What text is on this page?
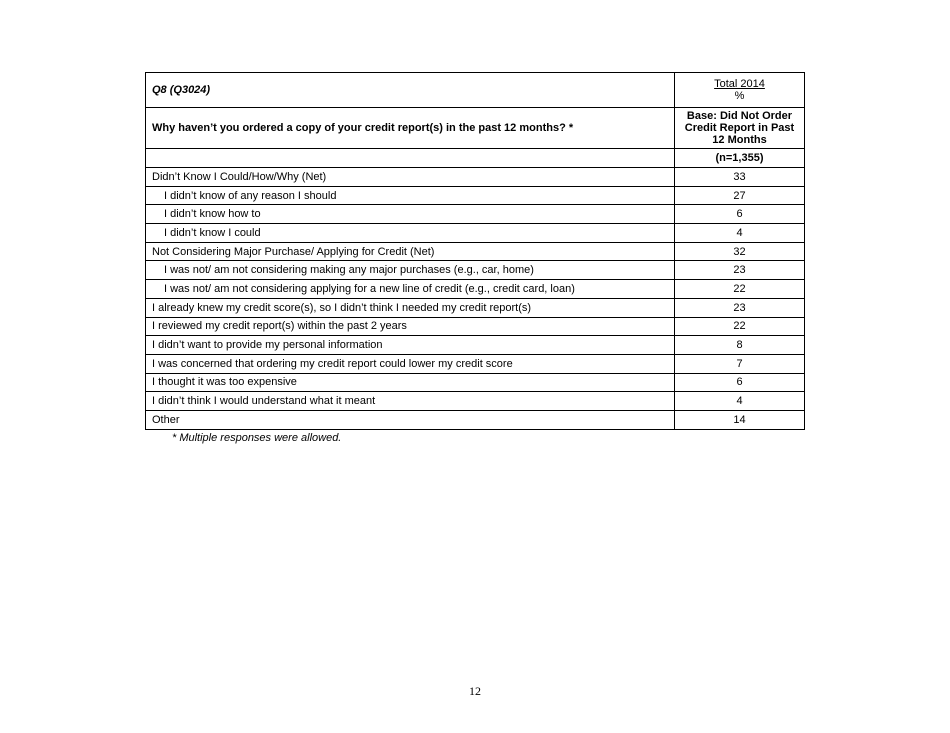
Q8 (Q3024)	Total 2014
%
Why haven’t you ordered a copy of your credit report(s) in the past 12 months? *	Base: Did Not Order Credit Report in Past 12 Months
	(n=1,355)
Didn’t Know I Could/How/Why (Net)	33
I didn’t know of any reason I should	27
I didn’t know how to	6
I didn’t know I could	4
Not Considering Major Purchase/ Applying for Credit (Net)	32
I was not/ am not considering making any major purchases (e.g., car, home)	23
I was not/ am not considering applying for a new line of credit (e.g., credit card, loan)	22
I already knew my credit score(s), so I didn’t think I needed my credit report(s)	23
I reviewed my credit report(s) within the past 2 years	22
I didn’t want to provide my personal information	8
I was concerned that ordering my credit report could lower my credit score	7
I thought it was too expensive	6
I didn’t think I would understand what it meant	4
Other	14
* Multiple responses were allowed.
12
